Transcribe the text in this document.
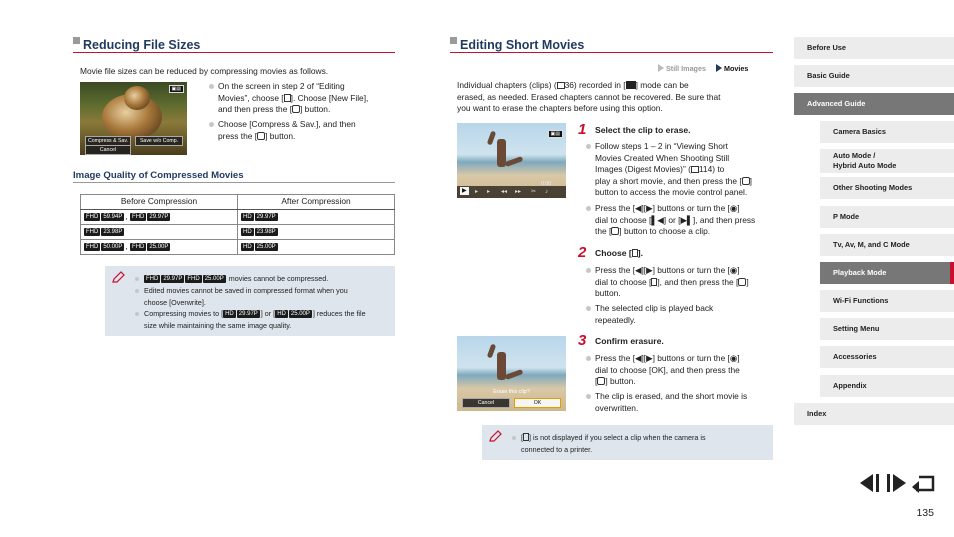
Reducing File Sizes
Movie file sizes can be reduced by compressing movies as follows.
▣▤
Compress & Sav.	Save w/o Comp.
Cancel
On the screen in step 2 of “Editing
Movies”, choose [ ]. Choose [New File],
and then press the [ ] button.
Choose [Compress & Sav.], and then
press the [ ] button.
Image Quality of Compressed Movies
Before Compression	After Compression
FHD 59.94P , FHD 29.97P	HD 29.97P
FHD 23.98P	HD 23.98P
FHD 50.00P , FHD 25.00P	HD 25.00P
FHD 29.97P FHD 25.00P movies cannot be compressed.
Edited movies cannot be saved in compressed format when you
choose [Overwrite].
Compressing movies to [ HD 29.97P ] or [ HD 25.00P ] reduces the file
size while maintaining the same image quality.
Editing Short Movies
Still Images	Movies
Individual chapters (clips) ( 36) recorded in [ ] mode can be
erased, as needed. Erased chapters cannot be recovered. Be sure that
you want to erase the chapters before using this option.
▣▤
▶	▸ ▸ ◂◂ ▸▸ ✂ ♪
0:00
1 Select the clip to erase.
Follow steps 1 – 2 in “Viewing Short
Movies Created When Shooting Still
Images (Digest Movies)” ( 114) to
play a short movie, and then press the [ ]
button to access the movie control panel.
Press the [◀][▶] buttons or turn the [◉]
dial to choose [▌◀] or [▶▌], and then press
the [ ] button to choose a clip.
2 Choose [ ].
Press the [◀][▶] buttons or turn the [◉]
dial to choose [ ], and then press the [ ]
button.
The selected clip is played back
repeatedly.
Erase this clip?
Cancel	OK
3 Confirm erasure.
Press the [◀][▶] buttons or turn the [◉]
dial to choose [OK], and then press the
[ ] button.
The clip is erased, and the short movie is
overwritten.
[ ] is not displayed if you select a clip when the camera is
connected to a printer.
Before Use
Basic Guide
Advanced Guide
Camera Basics
Auto Mode /
Hybrid Auto Mode
Other Shooting Modes
P Mode
Tv, Av, M, and C Mode
Playback Mode
Wi-Fi Functions
Setting Menu
Accessories
Appendix
Index
135
